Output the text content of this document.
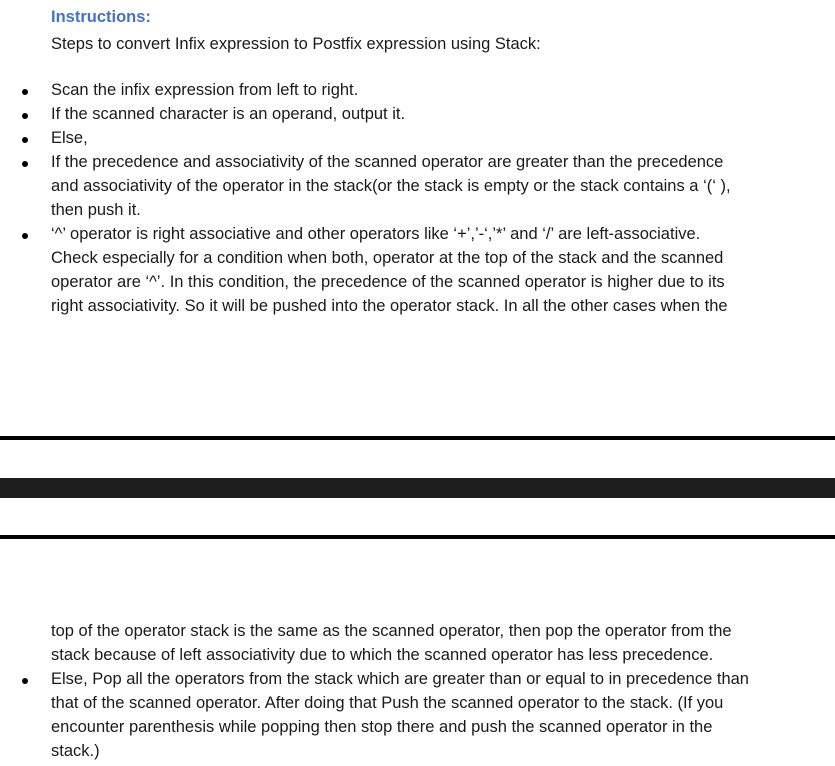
Instructions:
Steps to convert Infix expression to Postfix expression using Stack:
Scan the infix expression from left to right.
If the scanned character is an operand, output it.
Else,
If the precedence and associativity of the scanned operator are greater than the precedence
and associativity of the operator in the stack(or the stack is empty or the stack contains a ‘(‘ ),
then push it.
‘^’ operator is right associative and other operators like ‘+’,’-‘,’*’ and ‘/’ are left-associative.
Check especially for a condition when both, operator at the top of the stack and the scanned
operator are ‘^’. In this condition, the precedence of the scanned operator is higher due to its
right associativity. So it will be pushed into the operator stack. In all the other cases when the
top of the operator stack is the same as the scanned operator, then pop the operator from the
stack because of left associativity due to which the scanned operator has less precedence.
Else, Pop all the operators from the stack which are greater than or equal to in precedence than
that of the scanned operator. After doing that Push the scanned operator to the stack. (If you
encounter parenthesis while popping then stop there and push the scanned operator in the
stack.)
